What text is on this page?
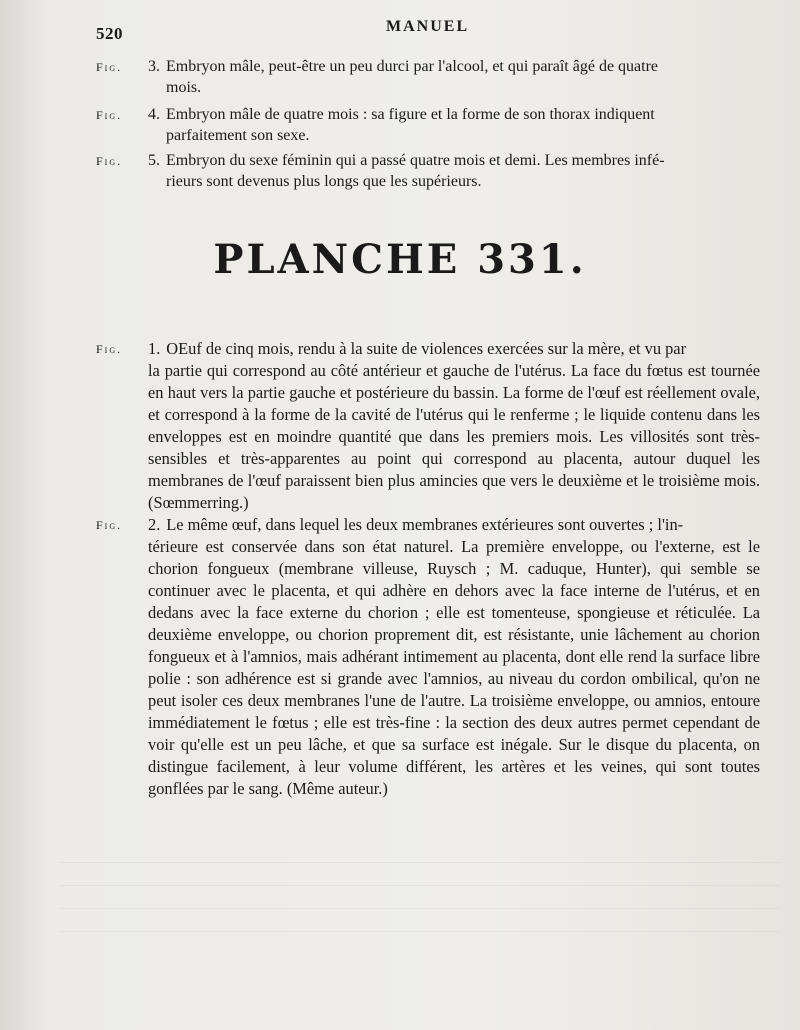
520	MANUEL
Fig.	3. Embryon mâle, peut-être un peu durci par l'alcool, et qui paraît âgé de quatre
mois.
Fig.	4. Embryon mâle de quatre mois : sa figure et la forme de son thorax indiquent
parfaitement son sexe.
Fig.	5. Embryon du sexe féminin qui a passé quatre mois et demi. Les membres infé-
rieurs sont devenus plus longs que les supérieurs.
PLANCHE 331.
Fig.	1. OEuf de cinq mois, rendu à la suite de violences exercées sur la mère, et vu par
la partie qui correspond au côté antérieur et gauche de l'utérus. La face du fœtus est tournée en haut vers la partie gauche et postérieure du bassin. La forme de l'œuf est réellement ovale, et correspond à la forme de la cavité de l'utérus qui le renferme ; le liquide contenu dans les enveloppes est en moindre quantité que dans les premiers mois. Les villosités sont très-sensibles et très-apparentes au point qui correspond au placenta, autour duquel les membranes de l'œuf paraissent bien plus amincies que vers le deuxième et le troisième mois. (Sœmmerring.)
Fig.	2. Le même œuf, dans lequel les deux membranes extérieures sont ouvertes ; l'in-
térieure est conservée dans son état naturel. La première enveloppe, ou l'externe, est le chorion fongueux (membrane villeuse, Ruysch ; M. caduque, Hunter), qui semble se continuer avec le placenta, et qui adhère en dehors avec la face interne de l'utérus, et en dedans avec la face externe du chorion ; elle est tomenteuse, spongieuse et réticulée. La deuxième enveloppe, ou chorion proprement dit, est résistante, unie lâchement au chorion fongueux et à l'amnios, mais adhérant intimement au placenta, dont elle rend la surface libre polie : son adhérence est si grande avec l'amnios, au niveau du cordon ombilical, qu'on ne peut isoler ces deux membranes l'une de l'autre. La troisième enveloppe, ou amnios, entoure immédiatement le fœtus ; elle est très-fine : la section des deux autres permet cependant de voir qu'elle est un peu lâche, et que sa surface est inégale. Sur le disque du placenta, on distingue facilement, à leur volume différent, les artères et les veines, qui sont toutes gonflées par le sang. (Même auteur.)
